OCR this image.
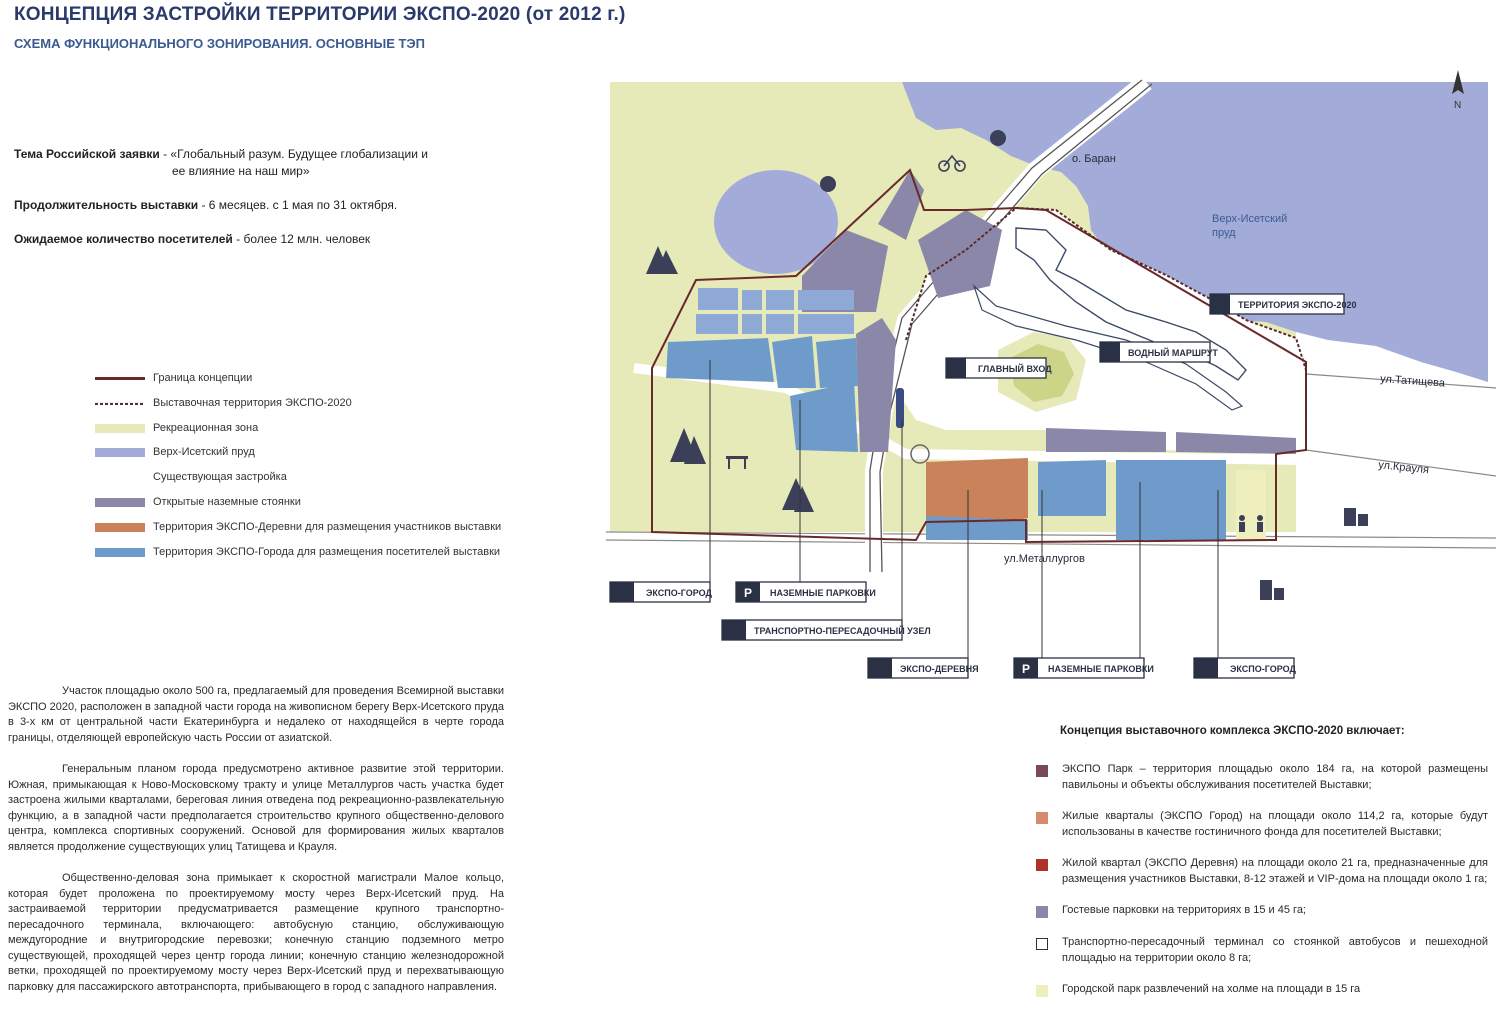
КОНЦЕПЦИЯ ЗАСТРОЙКИ ТЕРРИТОРИИ ЭКСПО-2020 (от 2012 г.)
СХЕМА ФУНКЦИОНАЛЬНОГО ЗОНИРОВАНИЯ. ОСНОВНЫЕ ТЭП
Тема Российской заявки - «Глобальный разум. Будущее глобализации и
ее влияние на наш мир»
Продолжительность выставки - 6 месяцев. с 1 мая по 31 октября.
Ожидаемое количество посетителей - более 12 млн. человек
Граница концепции
Выставочная территория ЭКСПО-2020
Рекреационная зона
Верх-Исетский пруд
Существующая застройка
Открытые наземные стоянки
Территория ЭКСПО-Деревни для размещения участников выставки
Территория ЭКСПО-Города для размещения посетителей выставки

Участок площадью около 500 га, предлагаемый для проведения Всемирной выставки ЭКСПО 2020, расположен в западной части города на живописном берегу Верх-Исетского пруда в 3-х км от центральной части Екатеринбурга и недалеко от находящейся в черте города границы, отделяющей европейскую часть России от азиатской.

Генеральным планом города предусмотрено активное развитие этой территории. Южная, примыкающая к Ново-Московскому тракту и улице Металлургов часть участка будет застроена жилыми кварталами, береговая линия отведена под рекреационно-развлекательную функцию, а в западной части предполагается строительство крупного общественно-делового центра, комплекса спортивных сооружений. Основой для формирования жилых кварталов является продолжение существующих улиц Татищева и Крауля.

Общественно-деловая зона примыкает к скоростной магистрали Малое кольцо, которая будет проложена по проектируемому мосту через Верх-Исетский пруд. На застраиваемой территории предусматривается размещение крупного транспортно-пересадочного терминала, включающего: автобусную станцию, обслуживающую междугородние и внутригородские перевозки; конечную станцию подземного метро существующей, проходящей через центр города линии; конечную станцию железнодорожной ветки, проходящей по проектируемому мосту через Верх-Исетский пруд и перехватывающую парковку для пассажирского автотранспорта, прибывающего в город с западного направления.

Концепция выставочного комплекса ЭКСПО-2020 включает:
ЭКСПО Парк – территория площадью около 184 га, на которой размещены павильоны и объекты обслуживания посетителей Выставки;
Жилые кварталы (ЭКСПО Город) на площади около 114,2 га, которые будут использованы в качестве гостиничного фонда для посетителей Выставки;
Жилой квартал (ЭКСПО Деревня) на площади около 21 га, предназначенные для размещения участников Выставки, 8-12 этажей и VIP-дома на площади около 1 га;
Гостевые парковки на территориях в 15 и 45 га;
Транспортно-пересадочный терминал со стоянкой автобусов и пешеходной площадью на территории около 8 га;
Городской парк развлечений на холме на площади в 15 га
N
о. Баран
Верх-Исетский
пруд
ул.Татищева
ул.Крауля
ул.Металлургов
ТЕРРИТОРИЯ ЭКСПО-2020
ВОДНЫЙ МАРШРУТ
ГЛАВНЫЙ ВХОД
ЭКСПО-ГОРОД	P НАЗЕМНЫЕ ПАРКОВКИ
ТРАНСПОРТНО-ПЕРЕСАДОЧНЫЙ УЗЕЛ
ЭКСПО-ДЕРЕВНЯ	P НАЗЕМНЫЕ ПАРКОВКИ	ЭКСПО-ГОРОД
